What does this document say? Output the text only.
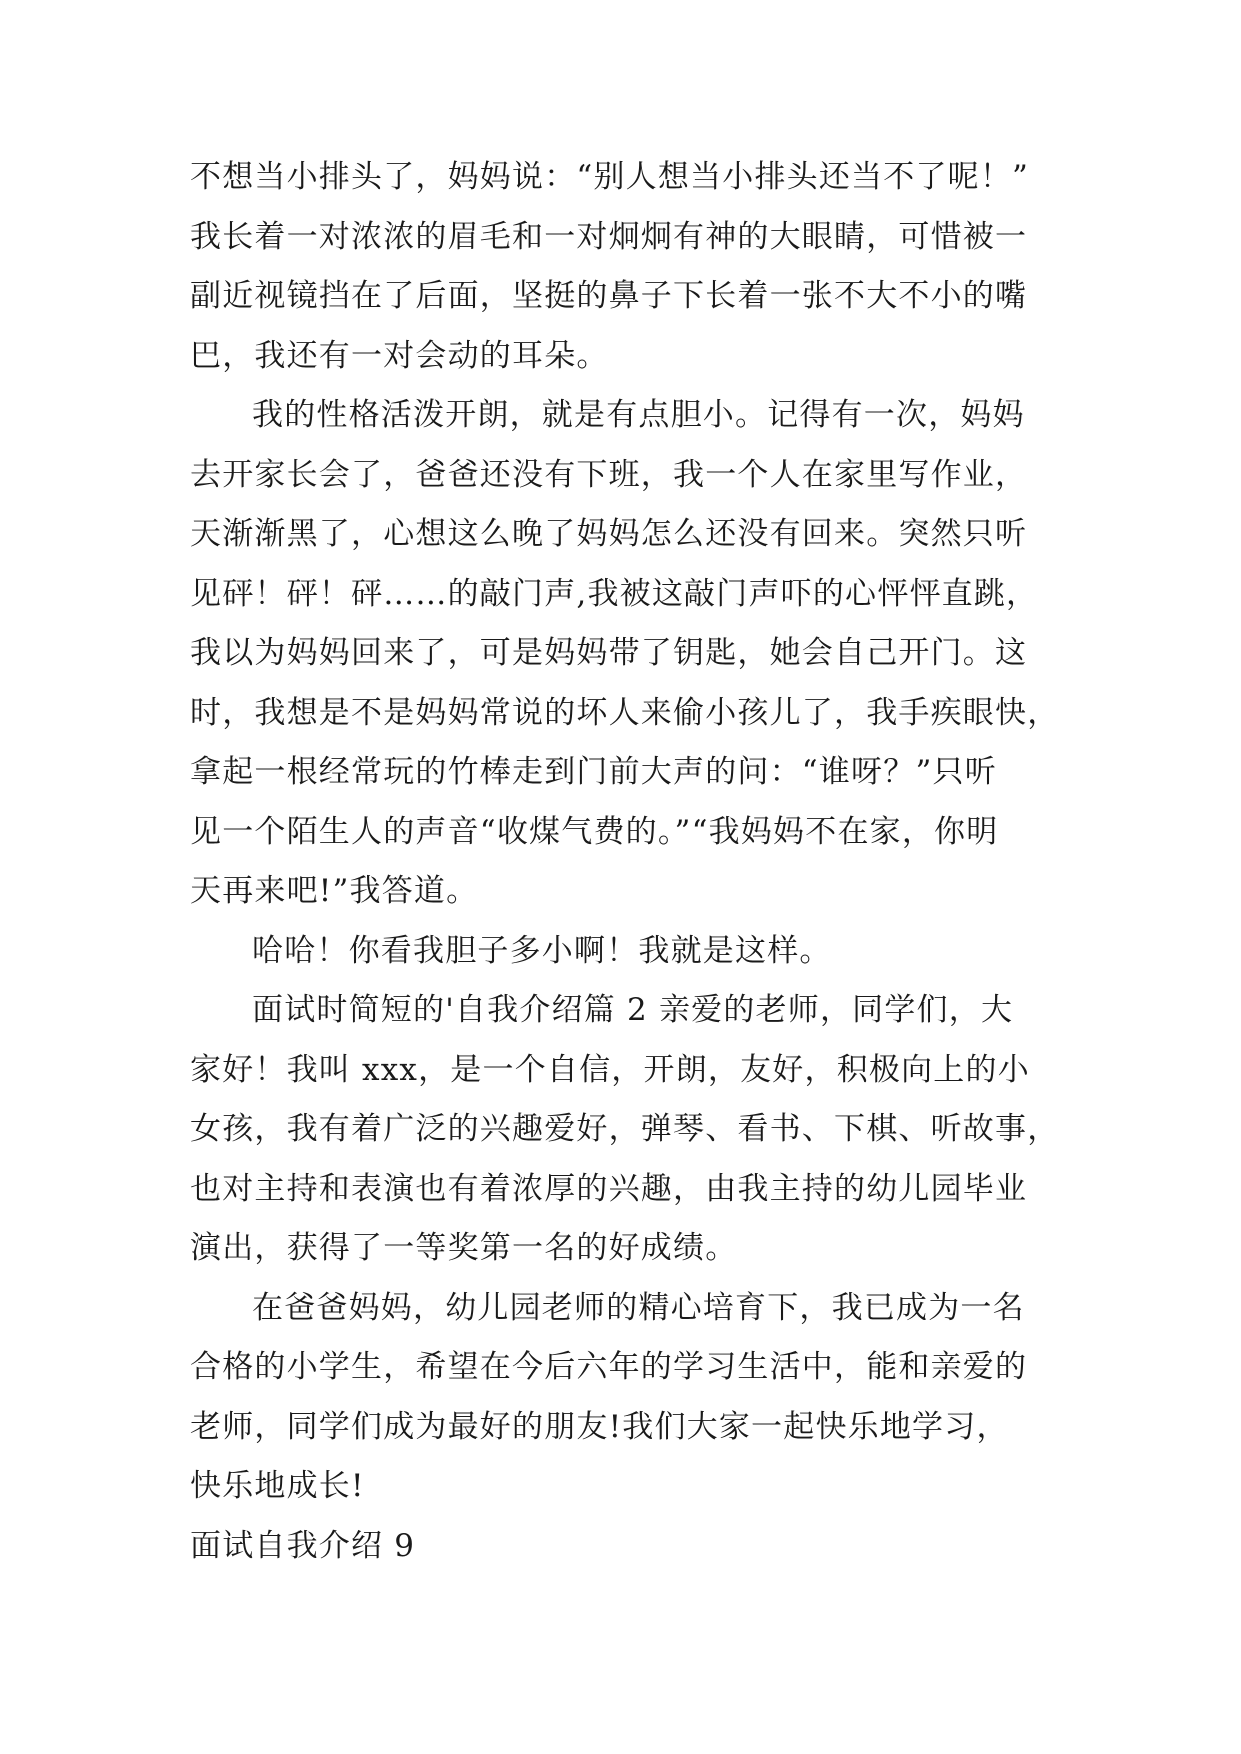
不想当小排头了，妈妈说：“别人想当小排头还当不了呢！”
我长着一对浓浓的眉毛和一对炯炯有神的大眼睛，可惜被一
副近视镜挡在了后面，坚挺的鼻子下长着一张不大不小的嘴
巴，我还有一对会动的耳朵。
我的性格活泼开朗，就是有点胆小。记得有一次，妈妈
去开家长会了，爸爸还没有下班，我一个人在家里写作业，
天渐渐黑了，心想这么晚了妈妈怎么还没有回来。突然只听
见砰！砰！砰……的敲门声,我被这敲门声吓的心怦怦直跳，
我以为妈妈回来了，可是妈妈带了钥匙，她会自己开门。这
时，我想是不是妈妈常说的坏人来偷小孩儿了，我手疾眼快，
拿起一根经常玩的竹棒走到门前大声的问：“谁呀？”只听
见一个陌生人的声音“收煤气费的。”“我妈妈不在家，你明
天再来吧!”我答道。
哈哈！你看我胆子多小啊！我就是这样。
面试时简短的'自我介绍篇 2 亲爱的老师，同学们，大
家好！我叫 xxx，是一个自信，开朗，友好，积极向上的小
女孩，我有着广泛的兴趣爱好，弹琴、看书、下棋、听故事，
也对主持和表演也有着浓厚的兴趣，由我主持的幼儿园毕业
演出，获得了一等奖第一名的好成绩。
在爸爸妈妈，幼儿园老师的精心培育下，我已成为一名
合格的小学生，希望在今后六年的学习生活中，能和亲爱的
老师，同学们成为最好的朋友!我们大家一起快乐地学习，
快乐地成长!
面试自我介绍 9
